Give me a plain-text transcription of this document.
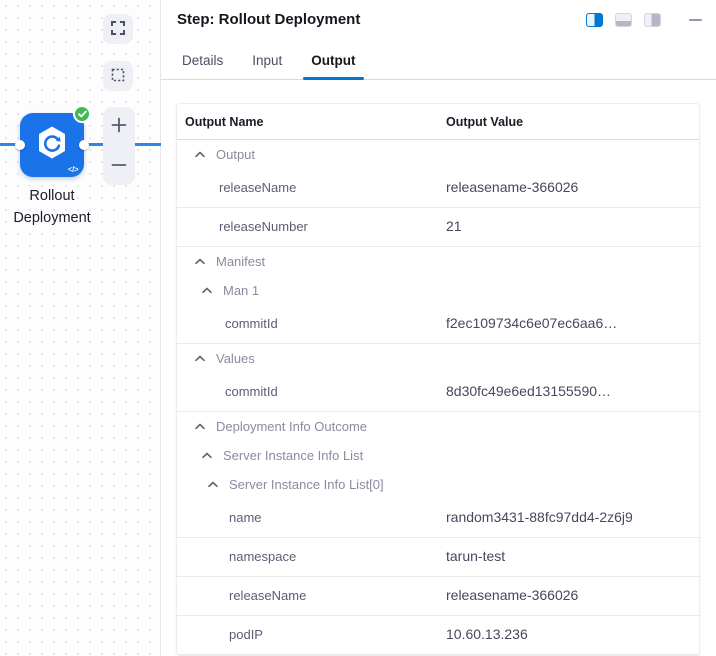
</>
Rollout Deployment
Step: Rollout Deployment
Details Input Output
Output Name	Output Value
Output
releaseName	releasename-366026
releaseNumber	21
Manifest
Man 1
commitId	f2ec109734c6e07ec6aa6…
Values
commitId	8d30fc49e6ed13155590…
Deployment Info Outcome
Server Instance Info List
Server Instance Info List[0]
name	random3431-88fc97dd4-2z6j9
namespace	tarun-test
releaseName	releasename-366026
podIP	10.60.13.236
